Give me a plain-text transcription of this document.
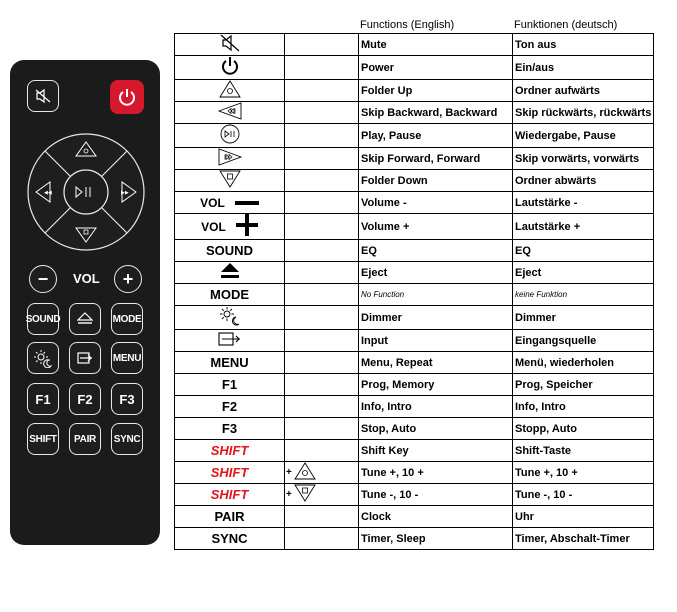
◀◀	▶▶
−	VOL	+
SOUND	MODE
MENU
F1	F2	F3
SHIFT	PAIR	SYNC
Functions (English)	Funktionen (deutsch)
		Mute	Ton aus
		Power	Ein/aus
		Folder Up	Ordner aufwärts
		Skip Backward, Backward	Skip rückwärts, rückwärts
		Play, Pause	Wiedergabe, Pause
		Skip Forward, Forward	Skip vorwärts, vorwärts
		Folder Down	Ordner abwärts

VOL		Volume -	Lautstärke -

VOL		Volume +	Lautstärke +
SOUND		EQ	EQ
		Eject	Eject
MODE		No Function	keine Funktion
		Dimmer	Dimmer
		Input	Eingangsquelle
MENU		Menu, Repeat	Menü, wiederholen
F1		Prog, Memory	Prog, Speicher
F2		Info, Intro	Info, Intro
F3		Stop, Auto	Stopp, Auto
SHIFT		Shift Key	Shift-Taste
SHIFT	+	Tune +, 10 +	Tune +, 10 +
SHIFT	+	Tune -, 10 -	Tune -, 10 -
PAIR		Clock	Uhr
SYNC		Timer, Sleep	Timer, Abschalt-Timer
